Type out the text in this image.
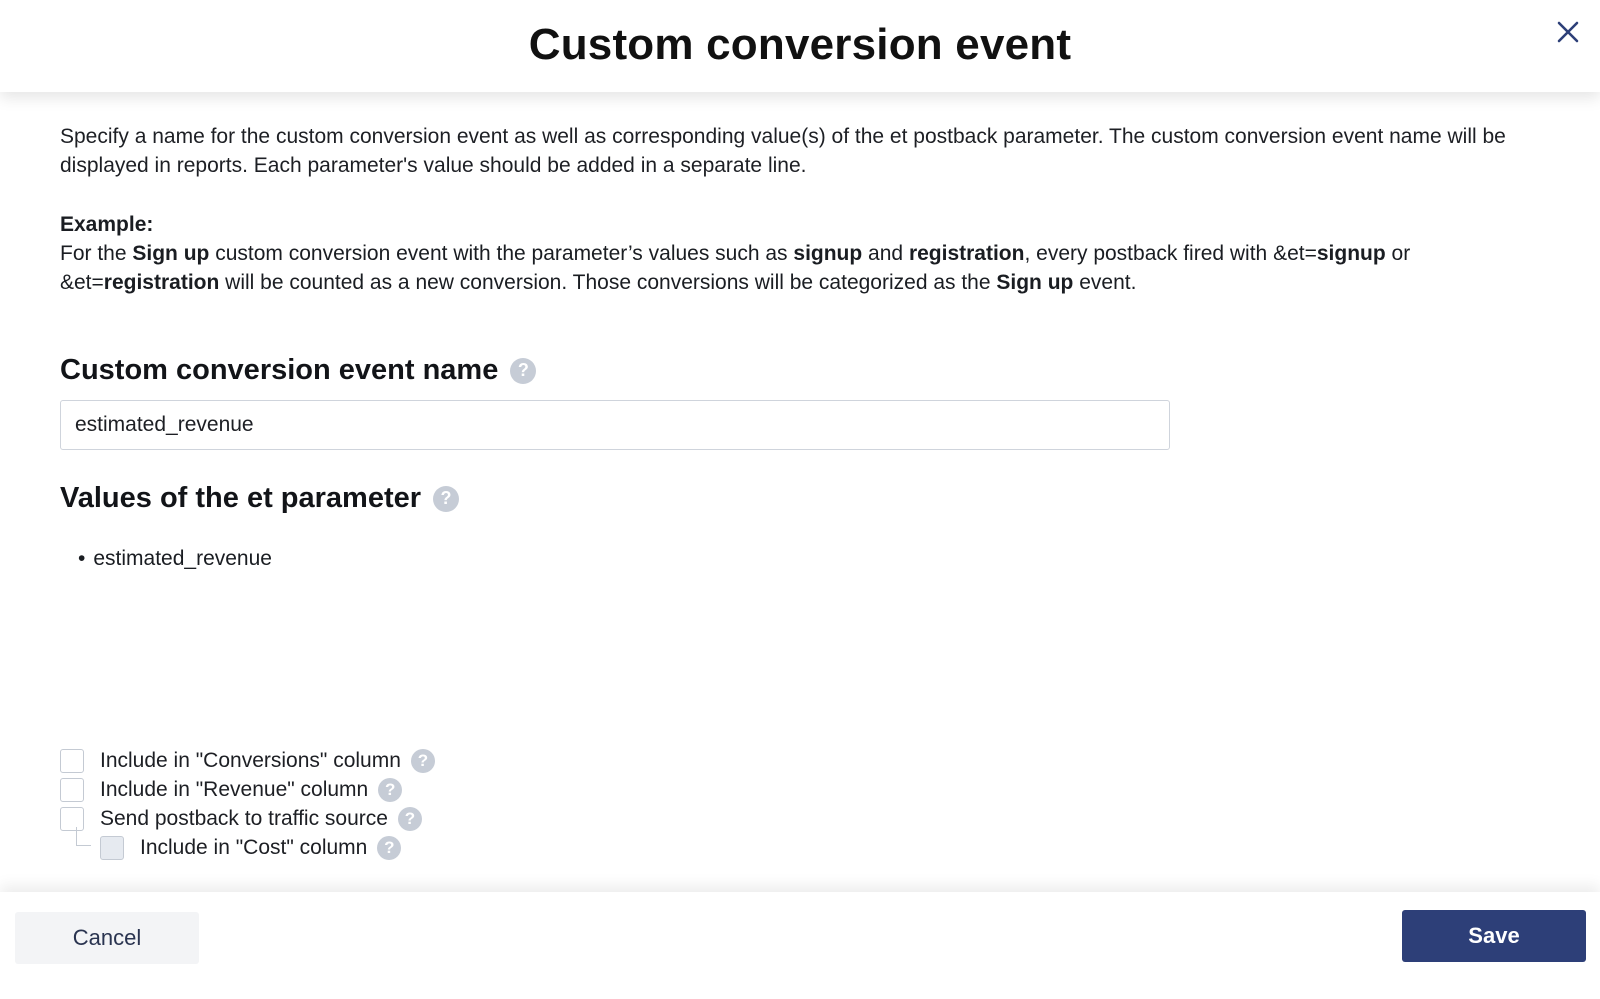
Custom conversion event
Specify a name for the custom conversion event as well as corresponding value(s) of the et postback parameter. The custom conversion event name will be displayed in reports. Each parameter's value should be added in a separate line.
Example:
For the Sign up custom conversion event with the parameter’s values such as signup and registration, every postback fired with &et=signup or &et=registration will be counted as a new conversion. Those conversions will be categorized as the Sign up event.
Custom conversion event name	?
estimated_revenue
Values of the et parameter	?
• estimated_revenue
Include in "Conversions" column ?
Include in "Revenue" column ?
Send postback to traffic source ?
Include in "Cost" column ?
Cancel	Save
